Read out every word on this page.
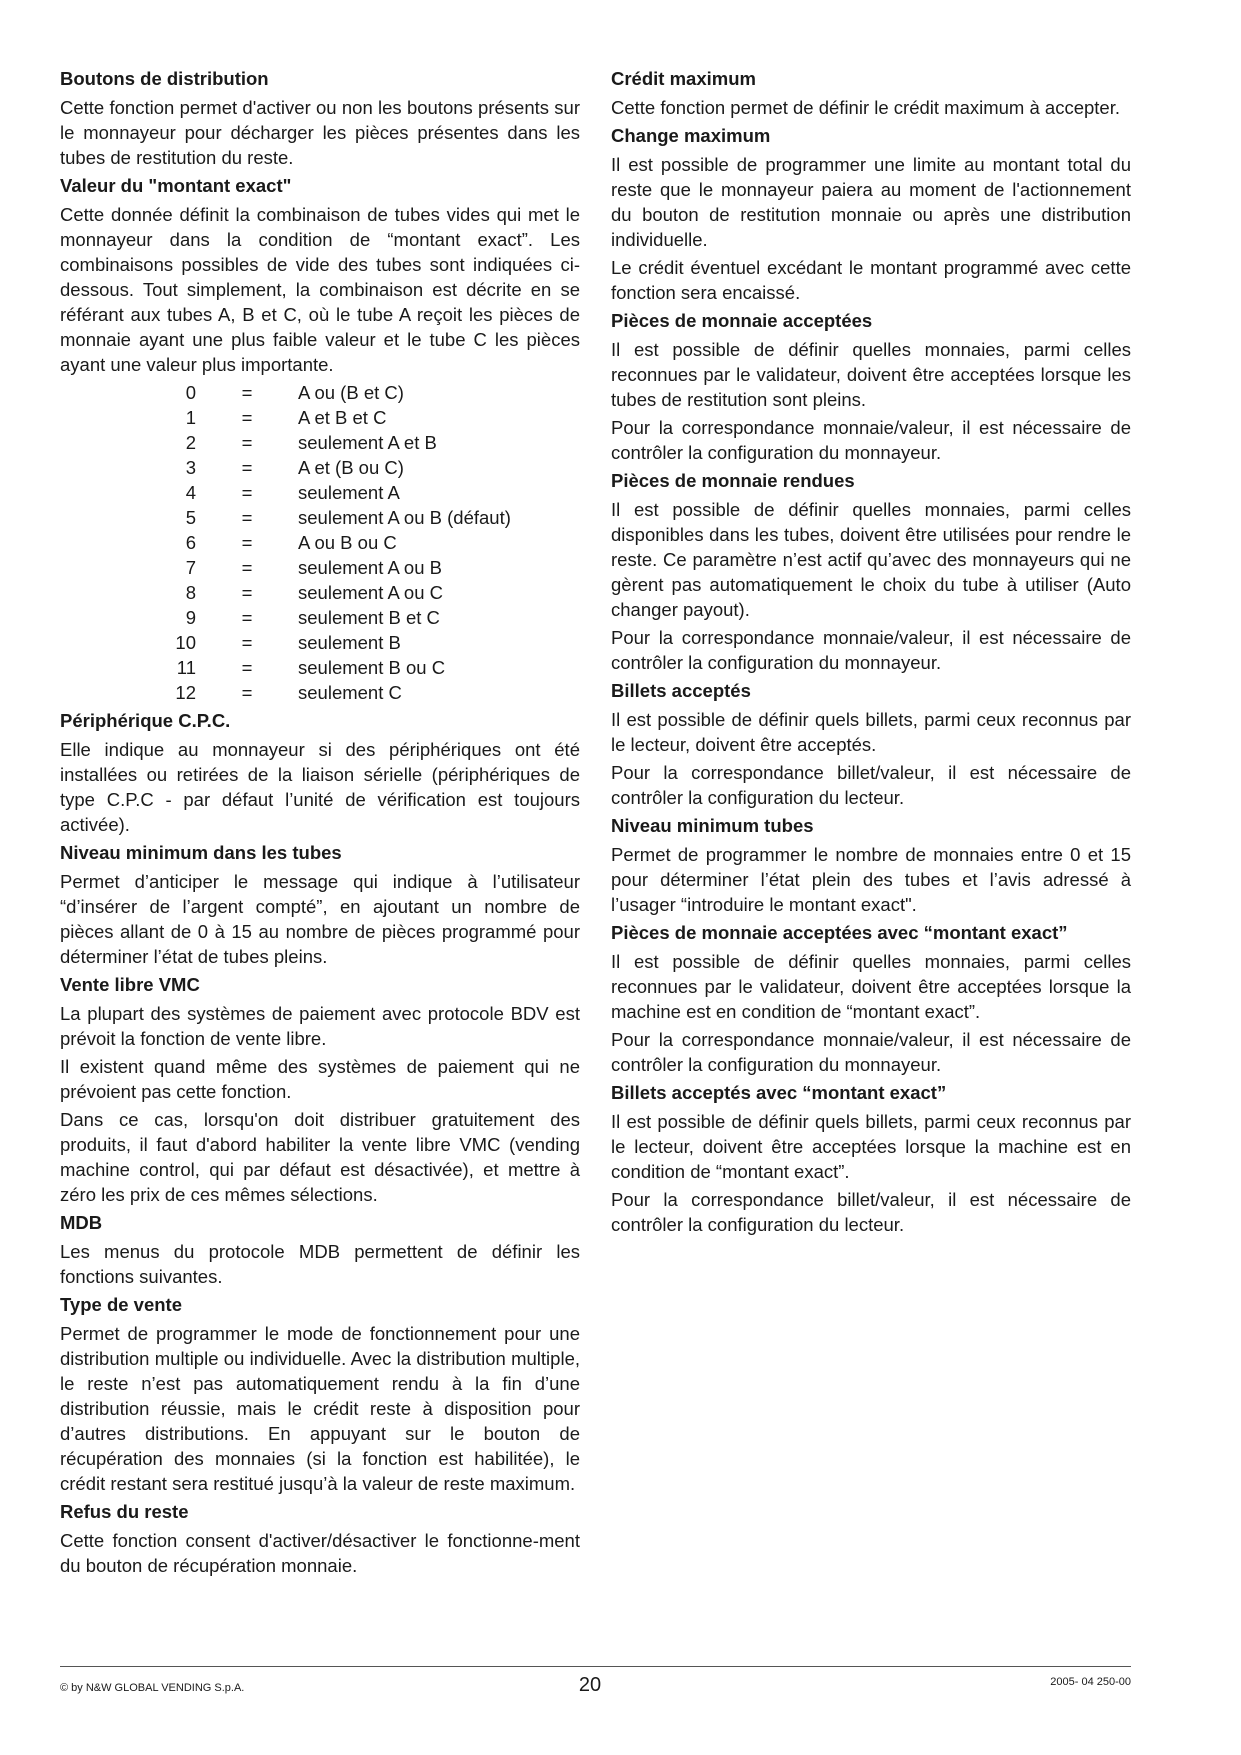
Boutons de distribution
Cette fonction permet d'activer ou non les boutons présents sur le monnayeur pour décharger les pièces présentes dans les tubes de restitution du reste.
Valeur du "montant exact"
Cette donnée définit la combinaison de tubes vides qui met le monnayeur dans la condition de “montant exact”. Les combinaisons possibles de vide des tubes sont indiquées ci-dessous. Tout simplement, la combinaison est décrite en se référant aux tubes A, B et C, où le tube A reçoit les pièces de monnaie ayant une plus faible valeur et le tube C les pièces ayant une valeur plus importante.
0	=	A ou (B et C)
1	=	A et B et C
2	=	seulement A et B
3	=	A et (B ou C)
4	=	seulement A
5	=	seulement A ou B (défaut)
6	=	A ou B ou C
7	=	seulement A ou B
8	=	seulement A ou C
9	=	seulement B et C
10	=	seulement B
11	=	seulement B ou C
12	=	seulement C
Périphérique C.P.C.
Elle indique au monnayeur si des périphériques ont été installées ou retirées de la liaison sérielle (périphériques de type C.P.C - par défaut l’unité de vérification est toujours activée).
Niveau minimum dans les tubes
Permet d’anticiper le message qui indique à l’utilisateur “d’insérer de l’argent compté”, en ajoutant un nombre de pièces allant de 0 à 15 au nombre de pièces programmé pour déterminer l’état de tubes pleins.
Vente libre VMC
La plupart des systèmes de paiement avec protocole BDV est prévoit la fonction de vente libre.
Il existent quand même des systèmes de paiement qui ne prévoient pas cette fonction.
Dans ce cas, lorsqu'on doit distribuer gratuitement des produits, il faut d'abord habiliter la vente libre VMC (vending machine control, qui par défaut est désactivée), et mettre à zéro les prix de ces mêmes sélections.
MDB
Les menus du protocole MDB permettent de définir les fonctions suivantes.
Type de vente
Permet de programmer le mode de fonctionnement pour une distribution multiple ou individuelle. Avec la distribution multiple, le reste n’est pas automatiquement rendu à la fin d’une distribution réussie, mais le crédit reste à disposition pour d’autres distributions. En appuyant sur le bouton de récupération des monnaies (si la fonction est habilitée), le crédit restant sera restitué jusqu’à la valeur de reste maximum.
Refus du reste
Cette fonction consent d'activer/désactiver le fonctionne-ment du bouton de récupération monnaie.
Crédit maximum
Cette fonction permet de définir le crédit maximum à accepter.
Change maximum
Il est possible de programmer une limite au montant total du reste que le monnayeur paiera au moment de l'actionnement du bouton de restitution monnaie ou après une distribution individuelle.
Le crédit éventuel excédant le montant programmé avec cette fonction sera encaissé.
Pièces de monnaie acceptées
Il est possible de définir quelles monnaies, parmi celles reconnues par le validateur, doivent être acceptées lorsque les tubes de restitution sont pleins.
Pour la correspondance monnaie/valeur, il est nécessaire de contrôler la configuration du monnayeur.
Pièces de monnaie rendues
Il est possible de définir quelles monnaies, parmi celles disponibles dans les tubes, doivent être utilisées pour rendre le reste. Ce paramètre n’est actif qu’avec des monnayeurs qui ne gèrent pas automatiquement le choix du tube à utiliser (Auto changer payout).
Pour la correspondance monnaie/valeur, il est nécessaire de contrôler la configuration du monnayeur.
Billets acceptés
Il est possible de définir quels billets, parmi ceux reconnus par le lecteur, doivent être acceptés.
Pour la correspondance billet/valeur, il est nécessaire de contrôler la configuration du lecteur.
Niveau minimum tubes
Permet de programmer le nombre de monnaies entre 0 et 15 pour déterminer l’état plein des tubes et l’avis adressé à l’usager “introduire le montant exact".
Pièces de monnaie acceptées avec “montant exact”
Il est possible de définir quelles monnaies, parmi celles reconnues par le validateur, doivent être acceptées lorsque la machine est en condition de “montant exact”.
Pour la correspondance monnaie/valeur, il est nécessaire de contrôler la configuration du monnayeur.
Billets acceptés avec “montant exact”
Il est possible de définir quels billets, parmi ceux reconnus par le lecteur, doivent être acceptées lorsque la machine est en condition de “montant exact”.
Pour la correspondance billet/valeur, il est nécessaire de contrôler la configuration du lecteur.
© by N&W GLOBAL VENDING S.p.A.	20	2005- 04 250-00
